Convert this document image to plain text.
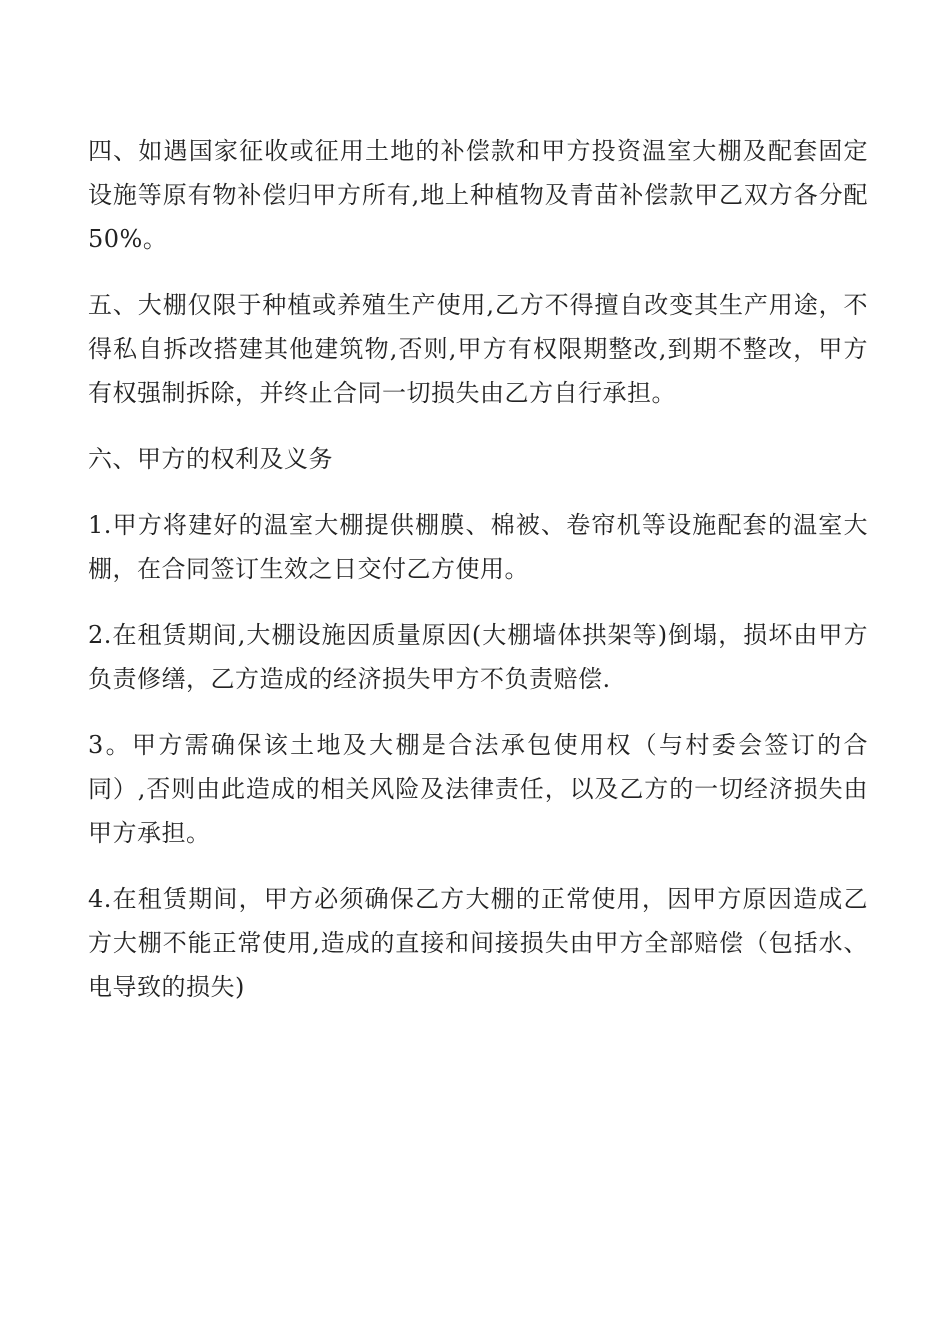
四、如遇国家征收或征用土地的补偿款和甲方投资温室大棚及配套固定设施等原有物补偿归甲方所有,地上种植物及青苗补偿款甲乙双方各分配50%。

五、大棚仅限于种植或养殖生产使用,乙方不得擅自改变其生产用途，不得私自拆改搭建其他建筑物,否则,甲方有权限期整改,到期不整改，甲方有权强制拆除，并终止合同一切损失由乙方自行承担。

六、甲方的权利及义务

1.甲方将建好的温室大棚提供棚膜、棉被、卷帘机等设施配套的温室大棚，在合同签订生效之日交付乙方使用。

2.在租赁期间,大棚设施因质量原因(大棚墙体拱架等)倒塌，损坏由甲方负责修缮，乙方造成的经济损失甲方不负责赔偿.

3。甲方需确保该土地及大棚是合法承包使用权（与村委会签订的合同）,否则由此造成的相关风险及法律责任，以及乙方的一切经济损失由甲方承担。

4.在租赁期间，甲方必须确保乙方大棚的正常使用，因甲方原因造成乙方大棚不能正常使用,造成的直接和间接损失由甲方全部赔偿（包括水、电导致的损失)
